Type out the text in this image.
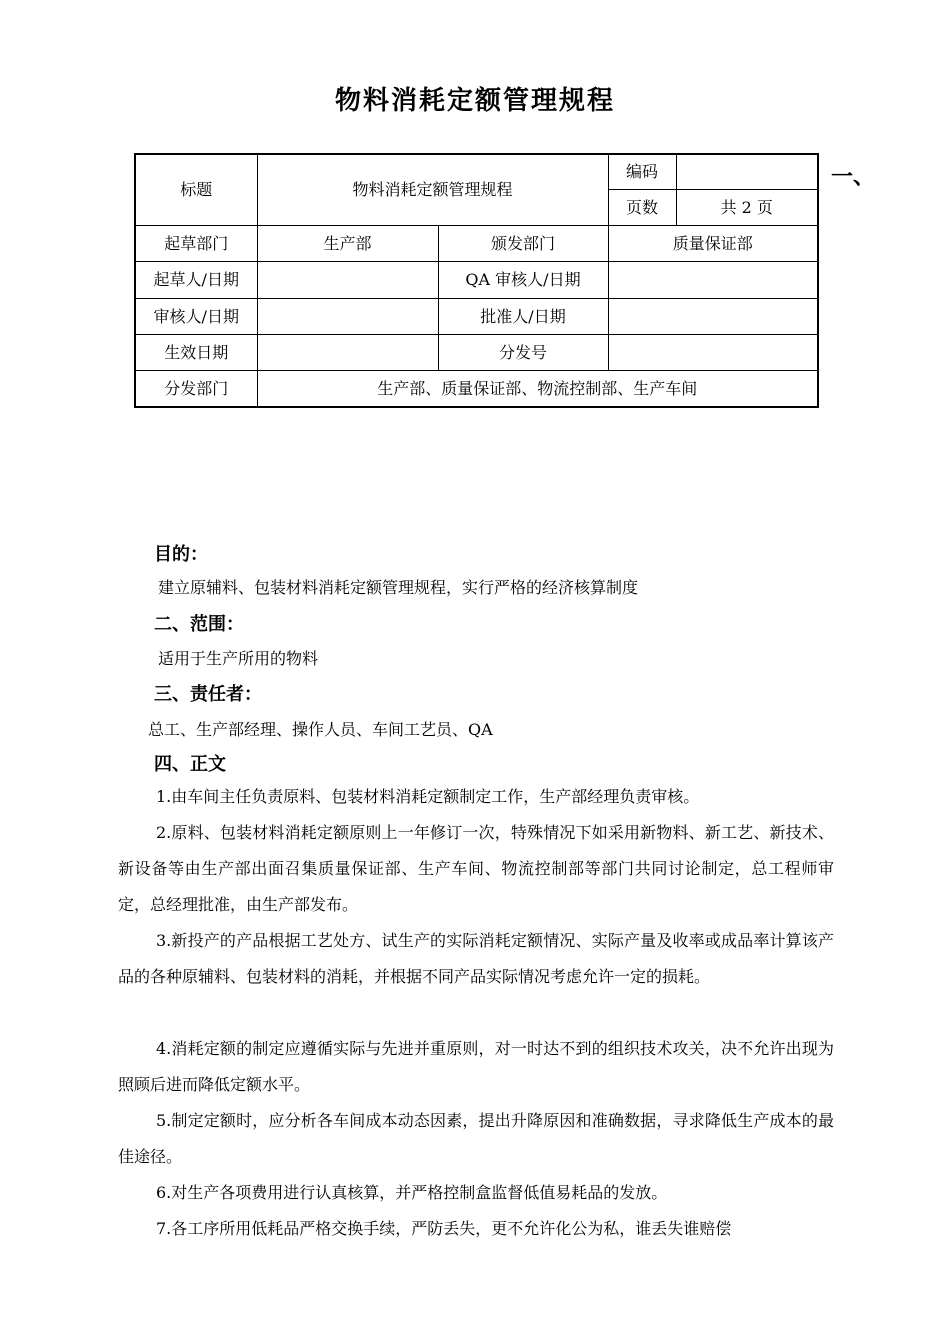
物料消耗定额管理规程
标题	物料消耗定额管理规程		编码	
			页数	共 2 页
起草部门	生产部	颁发部门	质量保证部	
起草人/日期		QA 审核人/日期		
审核人/日期		批准人/日期		
生效日期		分发号		
分发部门	生产部、质量保证部、物流控制部、生产车间			
一、
目的：
建立原辅料、包装材料消耗定额管理规程，实行严格的经济核算制度
二、范围：
适用于生产所用的物料
三、责任者：
总工、生产部经理、操作人员、车间工艺员、QA
四、正文
1.由车间主任负责原料、包装材料消耗定额制定工作，生产部经理负责审核。
2.原料、包装材料消耗定额原则上一年修订一次，特殊情况下如采用新物料、新工艺、新技术、新设备等由生产部出面召集质量保证部、生产车间、物流控制部等部门共同讨论制定，总工程师审定，总经理批准，由生产部发布。
3.新投产的产品根据工艺处方、试生产的实际消耗定额情况、实际产量及收率或成品率计算该产品的各种原辅料、包装材料的消耗，并根据不同产品实际情况考虑允许一定的损耗。
4.消耗定额的制定应遵循实际与先进并重原则，对一时达不到的组织技术攻关，决不允许出现为照顾后进而降低定额水平。
5.制定定额时，应分析各车间成本动态因素，提出升降原因和准确数据，寻求降低生产成本的最佳途径。
6.对生产各项费用进行认真核算，并严格控制盒监督低值易耗品的发放。
7.各工序所用低耗品严格交换手续，严防丢失，更不允许化公为私，谁丢失谁赔偿
